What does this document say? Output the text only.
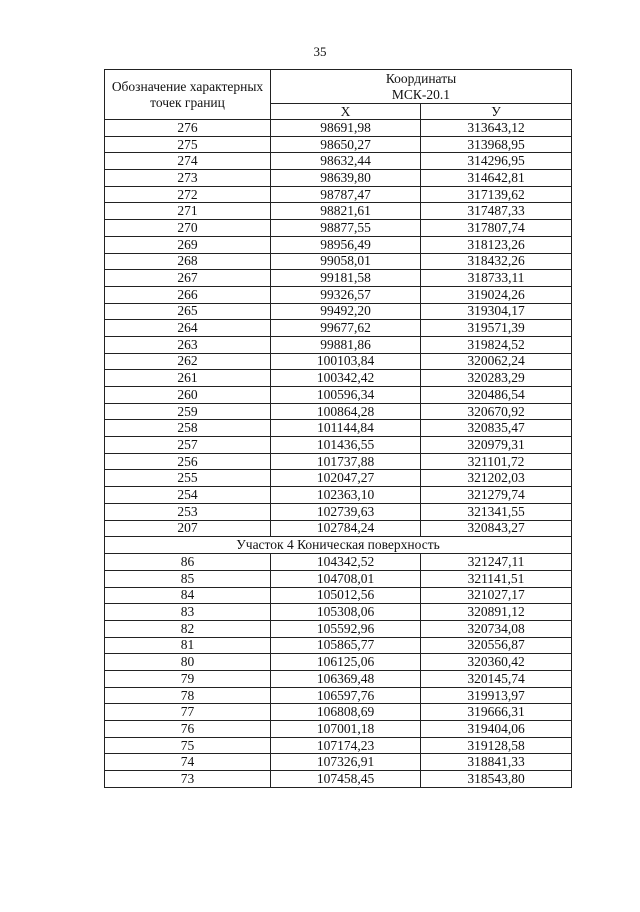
35
Обозначение характерных точек границ	Координаты
МСК-20.1	

	Х	У
276	98691,98	313643,12
275	98650,27	313968,95
274	98632,44	314296,95
273	98639,80	314642,81
272	98787,47	317139,62
271	98821,61	317487,33
270	98877,55	317807,74
269	98956,49	318123,26
268	99058,01	318432,26
267	99181,58	318733,11
266	99326,57	319024,26
265	99492,20	319304,17
264	99677,62	319571,39
263	99881,86	319824,52
262	100103,84	320062,24
261	100342,42	320283,29
260	100596,34	320486,54
259	100864,28	320670,92
258	101144,84	320835,47
257	101436,55	320979,31
256	101737,88	321101,72
255	102047,27	321202,03
254	102363,10	321279,74
253	102739,63	321341,55
207	102784,24	320843,27
Участок 4 Коническая поверхность		
86	104342,52	321247,11
85	104708,01	321141,51
84	105012,56	321027,17
83	105308,06	320891,12
82	105592,96	320734,08
81	105865,77	320556,87
80	106125,06	320360,42
79	106369,48	320145,74
78	106597,76	319913,97
77	106808,69	319666,31
76	107001,18	319404,06
75	107174,23	319128,58
74	107326,91	318841,33
73	107458,45	318543,80
